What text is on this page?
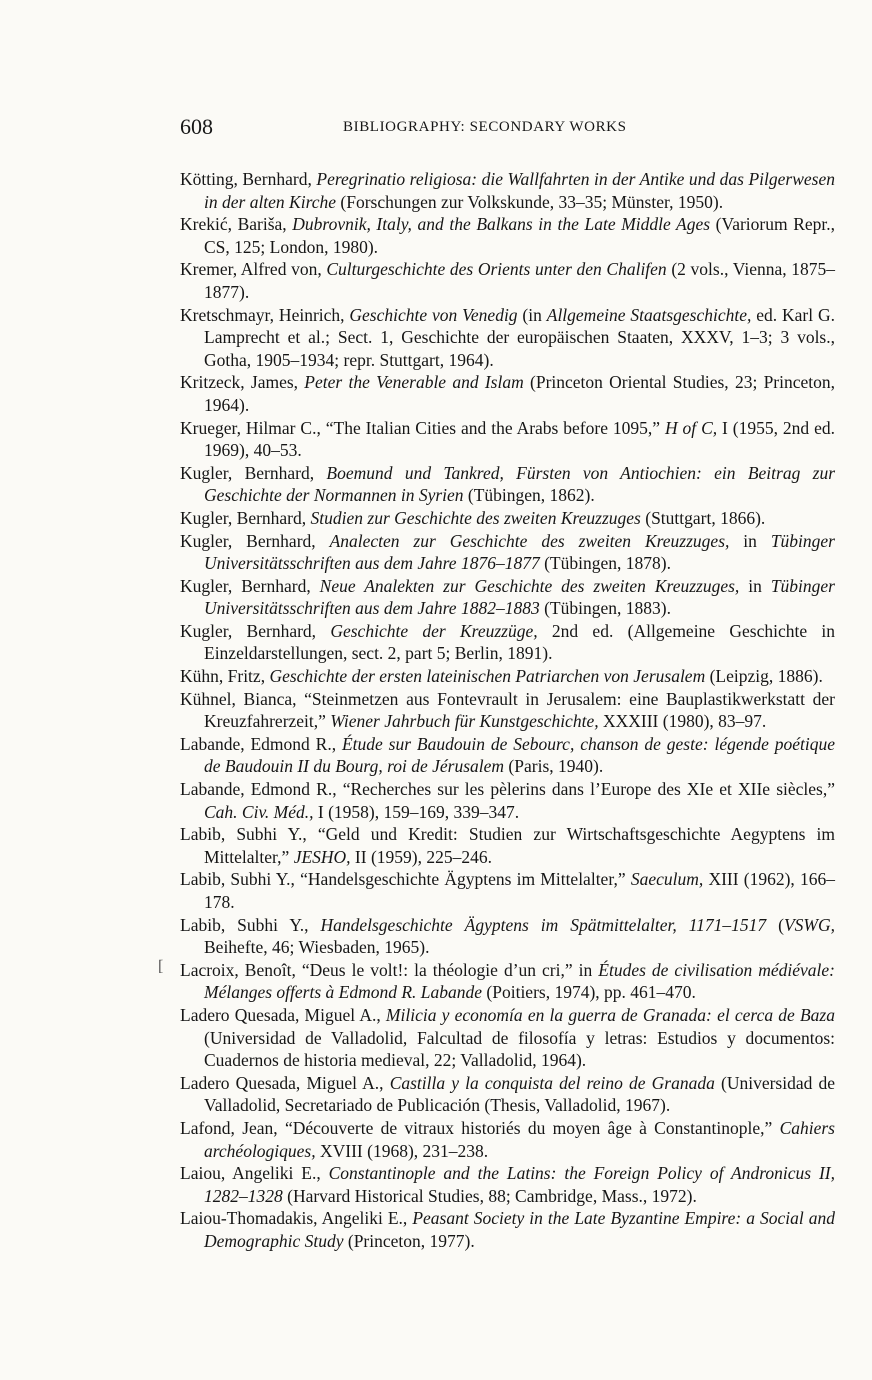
608	BIBLIOGRAPHY: SECONDARY WORKS

Kötting, Bernhard, Peregrinatio religiosa: die Wallfahrten in der Antike und das Pilgerwesen in der alten Kirche (Forschungen zur Volkskunde, 33–35; Münster, 1950).

Krekić, Bariša, Dubrovnik, Italy, and the Balkans in the Late Middle Ages (Variorum Repr., CS, 125; London, 1980).

Kremer, Alfred von, Culturgeschichte des Orients unter den Chalifen (2 vols., Vienna, 1875–1877).

Kretschmayr, Heinrich, Geschichte von Venedig (in Allgemeine Staatsgeschichte, ed. Karl G. Lamprecht et al.; Sect. 1, Geschichte der europäischen Staaten, XXXV, 1–3; 3 vols., Gotha, 1905–1934; repr. Stuttgart, 1964).

Kritzeck, James, Peter the Venerable and Islam (Princeton Oriental Studies, 23; Princeton, 1964).

Krueger, Hilmar C., “The Italian Cities and the Arabs before 1095,” H of C, I (1955, 2nd ed. 1969), 40–53.

Kugler, Bernhard, Boemund und Tankred, Fürsten von Antiochien: ein Beitrag zur Geschichte der Normannen in Syrien (Tübingen, 1862).

Kugler, Bernhard, Studien zur Geschichte des zweiten Kreuzzuges (Stuttgart, 1866).

Kugler, Bernhard, Analecten zur Geschichte des zweiten Kreuzzuges, in Tübinger Universitätsschriften aus dem Jahre 1876–1877 (Tübingen, 1878).

Kugler, Bernhard, Neue Analekten zur Geschichte des zweiten Kreuzzuges, in Tübinger Universitätsschriften aus dem Jahre 1882–1883 (Tübingen, 1883).

Kugler, Bernhard, Geschichte der Kreuzzüge, 2nd ed. (Allgemeine Geschichte in Einzeldarstellungen, sect. 2, part 5; Berlin, 1891).

Kühn, Fritz, Geschichte der ersten lateinischen Patriarchen von Jerusalem (Leipzig, 1886).

Kühnel, Bianca, “Steinmetzen aus Fontevrault in Jerusalem: eine Bauplastikwerkstatt der Kreuzfahrerzeit,” Wiener Jahrbuch für Kunstgeschichte, XXXIII (1980), 83–97.

Labande, Edmond R., Étude sur Baudouin de Sebourc, chanson de geste: légende poétique de Baudouin II du Bourg, roi de Jérusalem (Paris, 1940).

Labande, Edmond R., “Recherches sur les pèlerins dans l’Europe des XIe et XIIe siècles,” Cah. Civ. Méd., I (1958), 159–169, 339–347.

Labib, Subhi Y., “Geld und Kredit: Studien zur Wirtschaftsgeschichte Aegyptens im Mittelalter,” JESHO, II (1959), 225–246.

Labib, Subhi Y., “Handelsgeschichte Ägyptens im Mittelalter,” Saeculum, XIII (1962), 166–178.

Labib, Subhi Y., Handelsgeschichte Ägyptens im Spätmittelalter, 1171–1517 (VSWG, Beihefte, 46; Wiesbaden, 1965).

Lacroix, Benoît, “Deus le volt!: la théologie d’un cri,” in Études de civilisation médiévale: Mélanges offerts à Edmond R. Labande (Poitiers, 1974), pp. 461–470.

Ladero Quesada, Miguel A., Milicia y economía en la guerra de Granada: el cerca de Baza (Universidad de Valladolid, Falcultad de filosofía y letras: Estudios y documentos: Cuadernos de historia medieval, 22; Valladolid, 1964).

Ladero Quesada, Miguel A., Castilla y la conquista del reino de Granada (Universidad de Valladolid, Secretariado de Publicación (Thesis, Valladolid, 1967).

Lafond, Jean, “Découverte de vitraux historiés du moyen âge à Constantinople,” Cahiers archéologiques, XVIII (1968), 231–238.

Laiou, Angeliki E., Constantinople and the Latins: the Foreign Policy of Andronicus II, 1282–1328 (Harvard Historical Studies, 88; Cambridge, Mass., 1972).

Laiou-Thomadakis, Angeliki E., Peasant Society in the Late Byzantine Empire: a Social and Demographic Study (Princeton, 1977).

[
